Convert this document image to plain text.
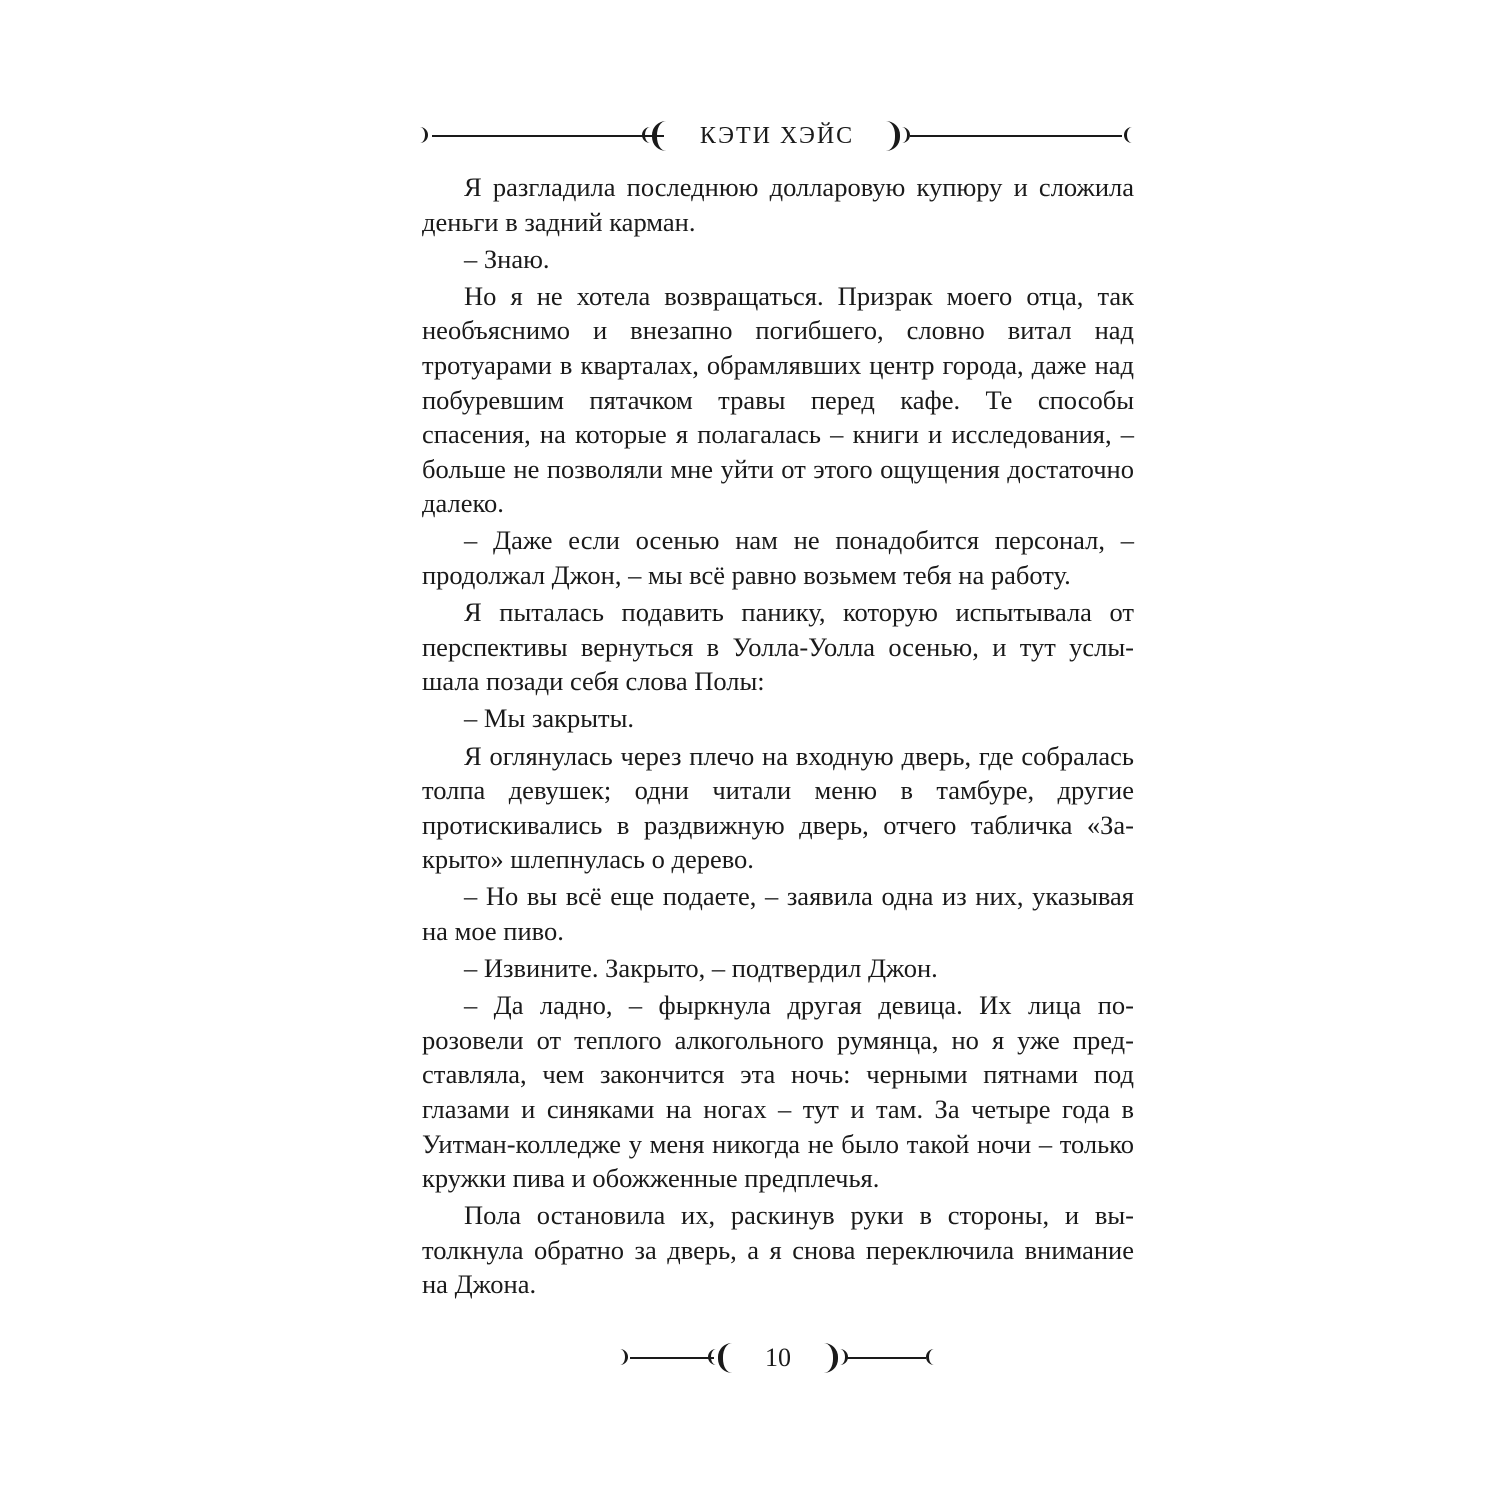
КЭТИ ХЭЙС

Я разгладила последнюю долларовую купюру и сложила деньги в задний карман.

– Знаю.

Но я не хотела возвращаться. Призрак моего отца, так необъяснимо и внезапно погибшего, словно витал над тротуарами в кварталах, обрамлявших центр города, даже над побуревшим пятачком травы перед кафе. Те способы спасения, на которые я полагалась – книги и исследования, – больше не позволяли мне уйти от этого ощущения достаточно далеко.

– Даже если осенью нам не понадобится персонал, – продолжал Джон, – мы всё равно возьмем тебя на работу.

Я пыталась подавить панику, которую испытывала от перспективы вернуться в Уолла-Уолла осенью, и тут услышала позади себя слова Полы:

– Мы закрыты.

Я оглянулась через плечо на входную дверь, где собралась толпа девушек; одни читали меню в тамбуре, другие протискивались в раздвижную дверь, отчего табличка «Закрыто» шлепнулась о дерево.

– Но вы всё еще подаете, – заявила одна из них, указывая на мое пиво.

– Извините. Закрыто, – подтвердил Джон.

– Да ладно, – фыркнула другая девица. Их лица порозовели от теплого алкогольного румянца, но я уже представляла, чем закончится эта ночь: черными пятнами под глазами и синяками на ногах – тут и там. За четыре года в Уитман-колледже у меня никогда не было такой ночи – только кружки пива и обожженные предплечья.

Пола остановила их, раскинув руки в стороны, и вытолкнула обратно за дверь, а я снова переключила внимание на Джона.

10
